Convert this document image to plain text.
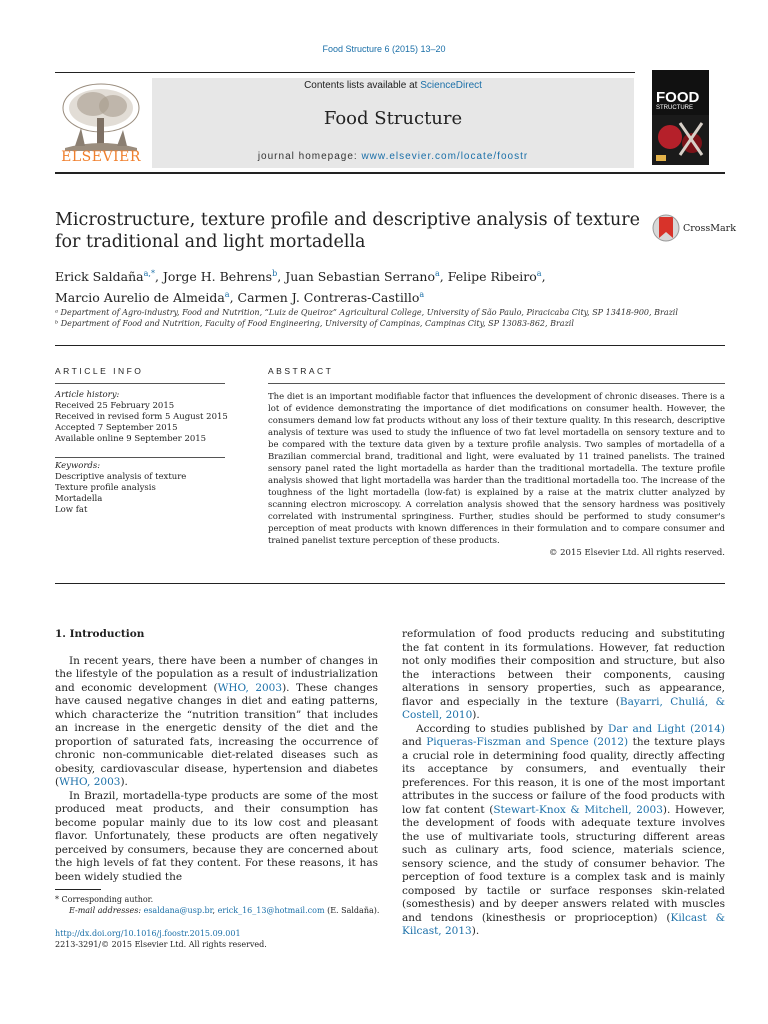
Food Structure 6 (2015) 13–20
ELSEVIER
Contents lists available at ScienceDirect
Food Structure
journal homepage: www.elsevier.com/locate/foostr
FOOD
STRUCTURE
Microstructure, texture profile and descriptive analysis of texture for traditional and light mortadella
CrossMark
Erick Saldaña$^{a,*}$, Jorge H. Behrens$^b$, Juan Sebastian Serrano$^a$, Felipe Ribeiro$^a$,
Marcio Aurelio de Almeida$^a$, Carmen J. Contreras-Castillo$^a$
ᵃ Department of Agro-industry, Food and Nutrition, “Luiz de Queiroz” Agricultural College, University of São Paulo, Piracicaba City, SP 13418-900, Brazil
ᵇ Department of Food and Nutrition, Faculty of Food Engineering, University of Campinas, Campinas City, SP 13083-862, Brazil
ARTICLE INFO
Article history:
Received 25 February 2015
Received in revised form 5 August 2015
Accepted 7 September 2015
Available online 9 September 2015
Keywords:
Descriptive analysis of texture
Texture profile analysis
Mortadella
Low fat
ABSTRACT
The diet is an important modifiable factor that influences the development of chronic diseases. There is a lot of evidence demonstrating the importance of diet modifications on consumer health. However, the consumers demand low fat products without any loss of their texture quality. In this research, descriptive analysis of texture was used to study the influence of two fat level mortadella on sensory texture and to be compared with the texture data given by a texture profile analysis. Two samples of mortadella of a Brazilian commercial brand, traditional and light, were evaluated by 11 trained panelists. The trained sensory panel rated the light mortadella as harder than the traditional mortadella. The texture profile analysis showed that light mortadella was harder than the traditional mortadella too. The increase of the toughness of the light mortadella (low-fat) is explained by a raise at the matrix clutter analyzed by scanning electron microscopy. A correlation analysis showed that the sensory hardness was positively correlated with instrumental springiness. Further, studies should be performed to study consumer's perception of meat products with known differences in their formulation and to compare consumer and trained panelist texture perception of these products.
© 2015 Elsevier Ltd. All rights reserved.
1. Introduction

In recent years, there have been a number of changes in the lifestyle of the population as a result of industrialization and economic development (WHO, 2003). These changes have caused negative changes in diet and eating patterns, which characterize the “nutrition transition” that includes an increase in the energetic density of the diet and the proportion of saturated fats, increasing the occurrence of chronic non-communicable diet-related diseases such as obesity, cardiovascular disease, hypertension and diabetes (WHO, 2003).

In Brazil, mortadella-type products are some of the most produced meat products, and their consumption has become popular mainly due to its low cost and pleasant flavor. Unfortunately, these products are often negatively perceived by consumers, because they are concerned about the high levels of fat they content. For these reasons, it has been widely studied the

reformulation of food products reducing and substituting the fat content in its formulations. However, fat reduction not only modifies their composition and structure, but also the interactions between their components, causing alterations in sensory properties, such as appearance, flavor and especially in the texture (Bayarri, Chuliá, & Costell, 2010).

According to studies published by Dar and Light (2014) and Piqueras-Fiszman and Spence (2012) the texture plays a crucial role in determining food quality, directly affecting its acceptance by consumers, and eventually their preferences. For this reason, it is one of the most important attributes in the success or failure of the food products with low fat content (Stewart-Knox & Mitchell, 2003). However, the development of foods with adequate texture involves the use of multivariate tools, structuring different areas such as culinary arts, food science, materials science, sensory science, and the study of consumer behavior. The perception of food texture is a complex task and is mainly composed by tactile or surface responses skin-related (somesthesis) and by deeper answers related with muscles and tendons (kinesthesis or proprioception) (Kilcast & Kilcast, 2013).

* Corresponding author.
E-mail addresses: esaldana@usp.br, erick_16_13@hotmail.com (E. Saldaña).
http://dx.doi.org/10.1016/j.foostr.2015.09.001
2213-3291/© 2015 Elsevier Ltd. All rights reserved.
